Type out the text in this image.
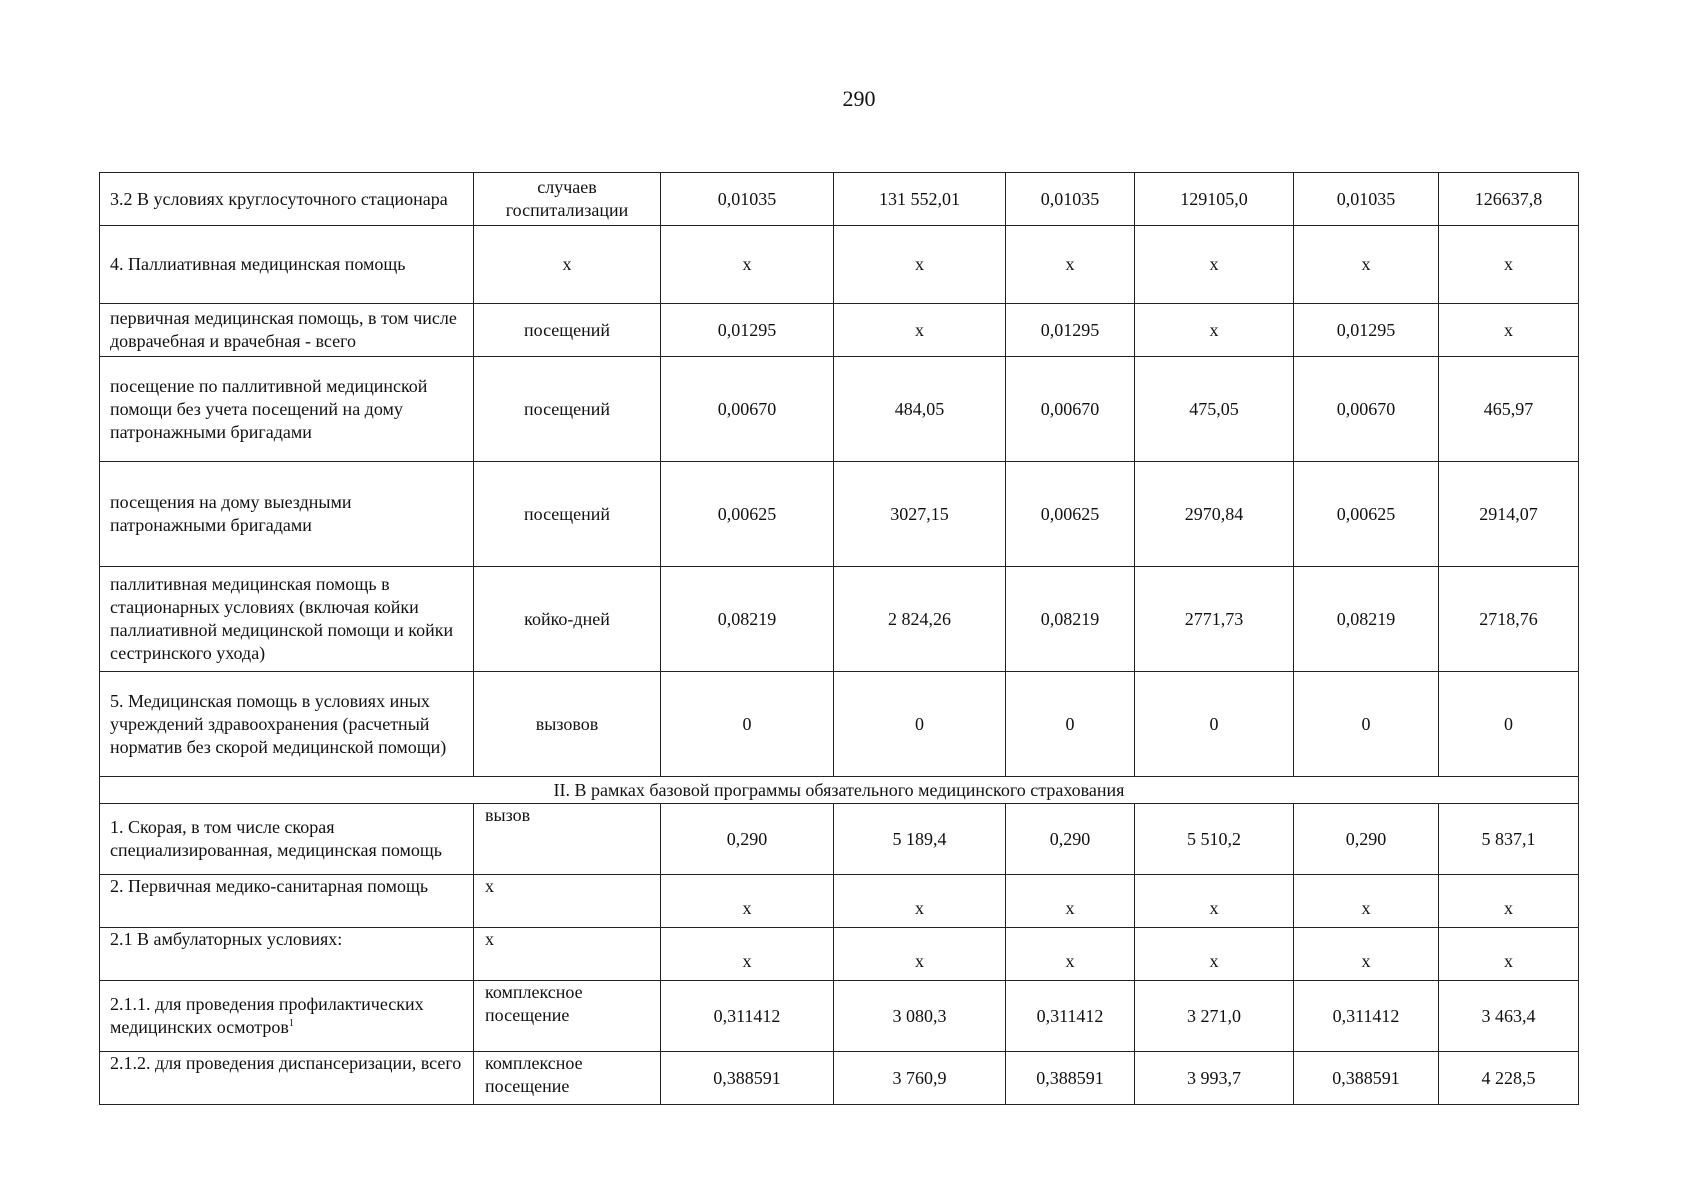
290
3.2 В условиях круглосуточного стационара	случаев госпитализации	0,01035	131 552,01	0,01035	129105,0	0,01035	126637,8
4. Паллиативная медицинская помощь	х	х	х	х	х	х	х
первичная медицинская помощь, в том числе доврачебная и врачебная - всего	посещений	0,01295	х	0,01295	х	0,01295	х
посещение по паллитивной медицинской помощи без учета посещений на дому патронажными бригадами	посещений	0,00670	484,05	0,00670	475,05	0,00670	465,97
посещения на дому выездными патронажными бригадами	посещений	0,00625	3027,15	0,00625	2970,84	0,00625	2914,07
паллитивная медицинская помощь в стационарных условиях (включая койки паллиативной медицинской помощи и койки сестринского ухода)	койко-дней	0,08219	2 824,26	0,08219	2771,73	0,08219	2718,76
5. Медицинская помощь в условиях иных учреждений здравоохранения (расчетный норматив без скорой медицинской помощи)	вызовов	0	0	0	0	0	0
II. В рамках базовой программы обязательного медицинского страхования							
1. Скорая, в том числе скорая специализированная, медицинская помощь	вызов	0,290	5 189,4	0,290	5 510,2	0,290	5 837,1
2. Первичная медико-санитарная помощь	х	х	х	х	х	х	х
2.1 В амбулаторных условиях:	х	х	х	х	х	х	х
2.1.1. для проведения профилактических медицинских осмотров$^1$	комплексное посещение	0,311412	3 080,3	0,311412	3 271,0	0,311412	3 463,4
2.1.2. для проведения диспансеризации, всего	комплексное посещение	0,388591	3 760,9	0,388591	3 993,7	0,388591	4 228,5
